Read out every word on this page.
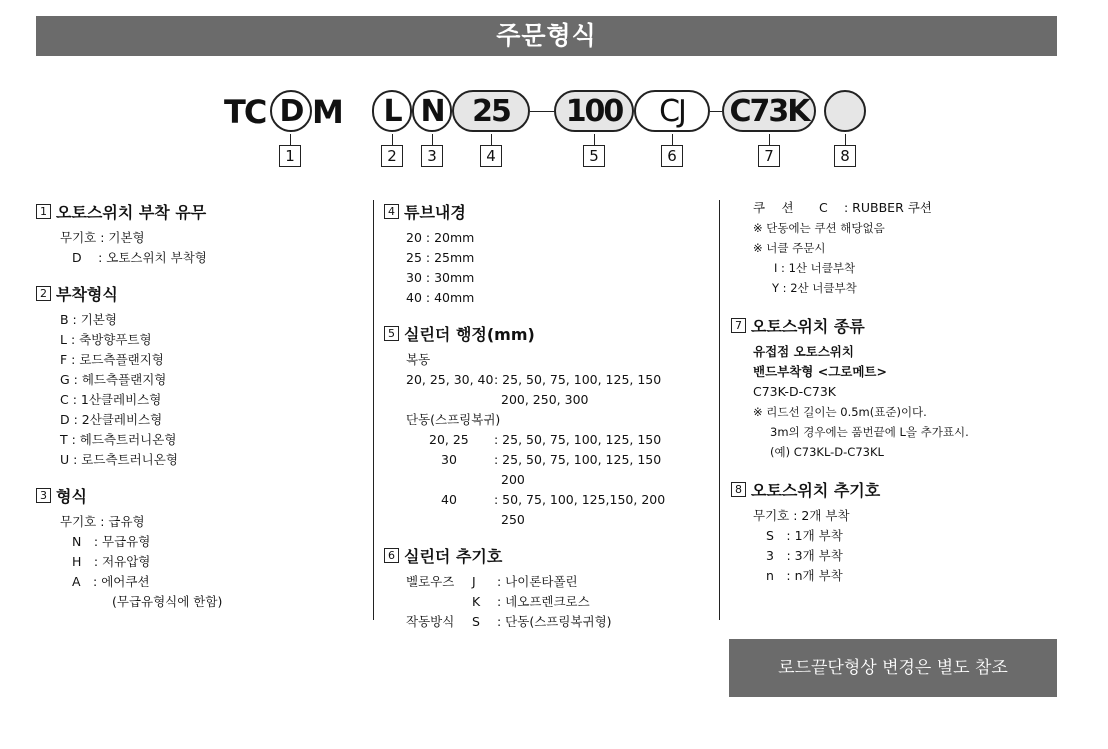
주문형식
TC D M	L N 25	100	CJ	C73K
1	2	3	4	5	6	7	8
1 오토스위치 부착 유무
무기호 : 기본형
D　 : 오토스위치 부착형
2 부착형식
B : 기본형
L : 축방향푸트형
F : 로드측플랜지형
G : 헤드측플랜지형
C : 1산클레비스형
D : 2산클레비스형
T : 헤드측트러니온형
U : 로드측트러니온형
3 형식
무기호 : 급유형
N　: 무급유형
H　: 저유압형
A　: 에어쿠션
(무급유형식에 한함)
4 튜브내경
20 : 20mm
25 : 25mm
30 : 30mm
40 : 40mm
5 실린더 행정(mm)
복동
20, 25, 30, 40 : 25, 50, 75, 100, 125, 150
200, 250, 300
단동(스프링복귀)
20, 25 : 25, 50, 75, 100, 125, 150
30	: 25, 50, 75, 100, 125, 150
200
40	: 50, 75, 100, 125,150, 200
250
6 실린더 추기호
벨로우즈 J : 나이론타폴린
K : 네오프렌크로스
작동방식 S : 단동(스프링복귀형)
쿠　 션 C : RUBBER 쿠션
※ 단동에는 쿠션 해당없음
※ 너클 주문시
I : 1산 너클부착
Y : 2산 너클부착
7 오토스위치 종류
유접점 오토스위치
밴드부착형 <그로메트>
C73K-D-C73K
※ 리드선 길이는 0.5m(표준)이다.
3m의 경우에는 품번끝에 L을 추가표시.
(예) C73KL-D-C73KL
8 오토스위치 추기호
무기호 : 2개 부착
S　: 1개 부착
3　: 3개 부착
n　: n개 부착
로드끝단형상 변경은 별도 참조
